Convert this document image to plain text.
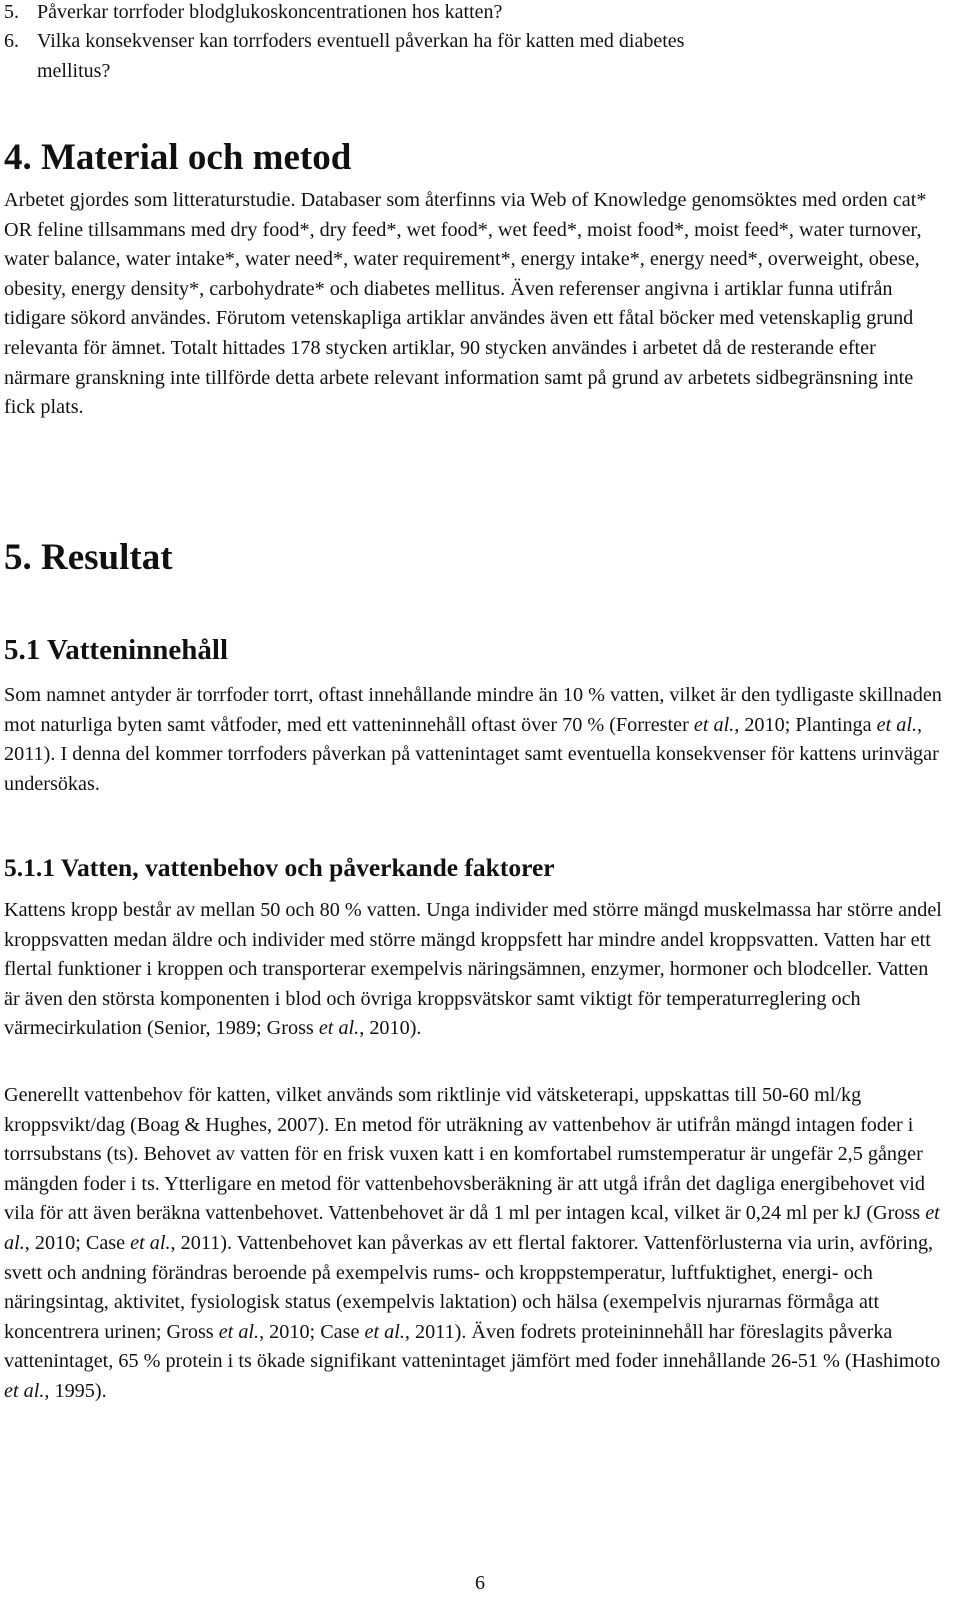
5. Påverkar torrfoder blodglukoskoncentrationen hos katten?
6. Vilka konsekvenser kan torrfoders eventuell påverkan ha för katten med diabetes
mellitus?
4. Material och metod

Arbetet gjordes som litteraturstudie. Databaser som återfinns via Web of Knowledge genomsöktes med orden cat* OR feline tillsammans med dry food*, dry feed*, wet food*, wet feed*, moist food*, moist feed*, water turnover, water balance, water intake*, water need*, water requirement*, energy intake*, energy need*, overweight, obese, obesity, energy density*, carbohydrate* och diabetes mellitus. Även referenser angivna i artiklar funna utifrån tidigare sökord användes. Förutom vetenskapliga artiklar användes även ett fåtal böcker med vetenskaplig grund relevanta för ämnet. Totalt hittades 178 stycken artiklar, 90 stycken användes i arbetet då de resterande efter närmare granskning inte tillförde detta arbete relevant information samt på grund av arbetets sidbegränsning inte fick plats.

5. Resultat
5.1 Vatteninnehåll

Som namnet antyder är torrfoder torrt, oftast innehållande mindre än 10 % vatten, vilket är den tydligaste skillnaden mot naturliga byten samt våtfoder, med ett vatteninnehåll oftast över 70 % (Forrester et al., 2010; Plantinga et al., 2011). I denna del kommer torrfoders påverkan på vattenintaget samt eventuella konsekvenser för kattens urinvägar undersökas.

5.1.1 Vatten, vattenbehov och påverkande faktorer

Kattens kropp består av mellan 50 och 80 % vatten. Unga individer med större mängd muskelmassa har större andel kroppsvatten medan äldre och individer med större mängd kroppsfett har mindre andel kroppsvatten. Vatten har ett flertal funktioner i kroppen och transporterar exempelvis näringsämnen, enzymer, hormoner och blodceller. Vatten är även den största komponenten i blod och övriga kroppsvätskor samt viktigt för temperaturreglering och värmecirkulation (Senior, 1989; Gross et al., 2010).

Generellt vattenbehov för katten, vilket används som riktlinje vid vätsketerapi, uppskattas till 50-60 ml/kg kroppsvikt/dag (Boag & Hughes, 2007). En metod för uträkning av vattenbehov är utifrån mängd intagen foder i torrsubstans (ts). Behovet av vatten för en frisk vuxen katt i en komfortabel rumstemperatur är ungefär 2,5 gånger mängden foder i ts. Ytterligare en metod för vattenbehovsberäkning är att utgå ifrån det dagliga energibehovet vid vila för att även beräkna vattenbehovet. Vattenbehovet är då 1 ml per intagen kcal, vilket är 0,24 ml per kJ (Gross et al., 2010; Case et al., 2011). Vattenbehovet kan påverkas av ett flertal faktorer. Vattenförlusterna via urin, avföring, svett och andning förändras beroende på exempelvis rums- och kroppstemperatur, luftfuktighet, energi- och näringsintag, aktivitet, fysiologisk status (exempelvis laktation) och hälsa (exempelvis njurarnas förmåga att koncentrera urinen; Gross et al., 2010; Case et al., 2011). Även fodrets proteininnehåll har föreslagits påverka vattenintaget, 65 % protein i ts ökade signifikant vattenintaget jämfört med foder innehållande 26-51 % (Hashimoto et al., 1995).

6
